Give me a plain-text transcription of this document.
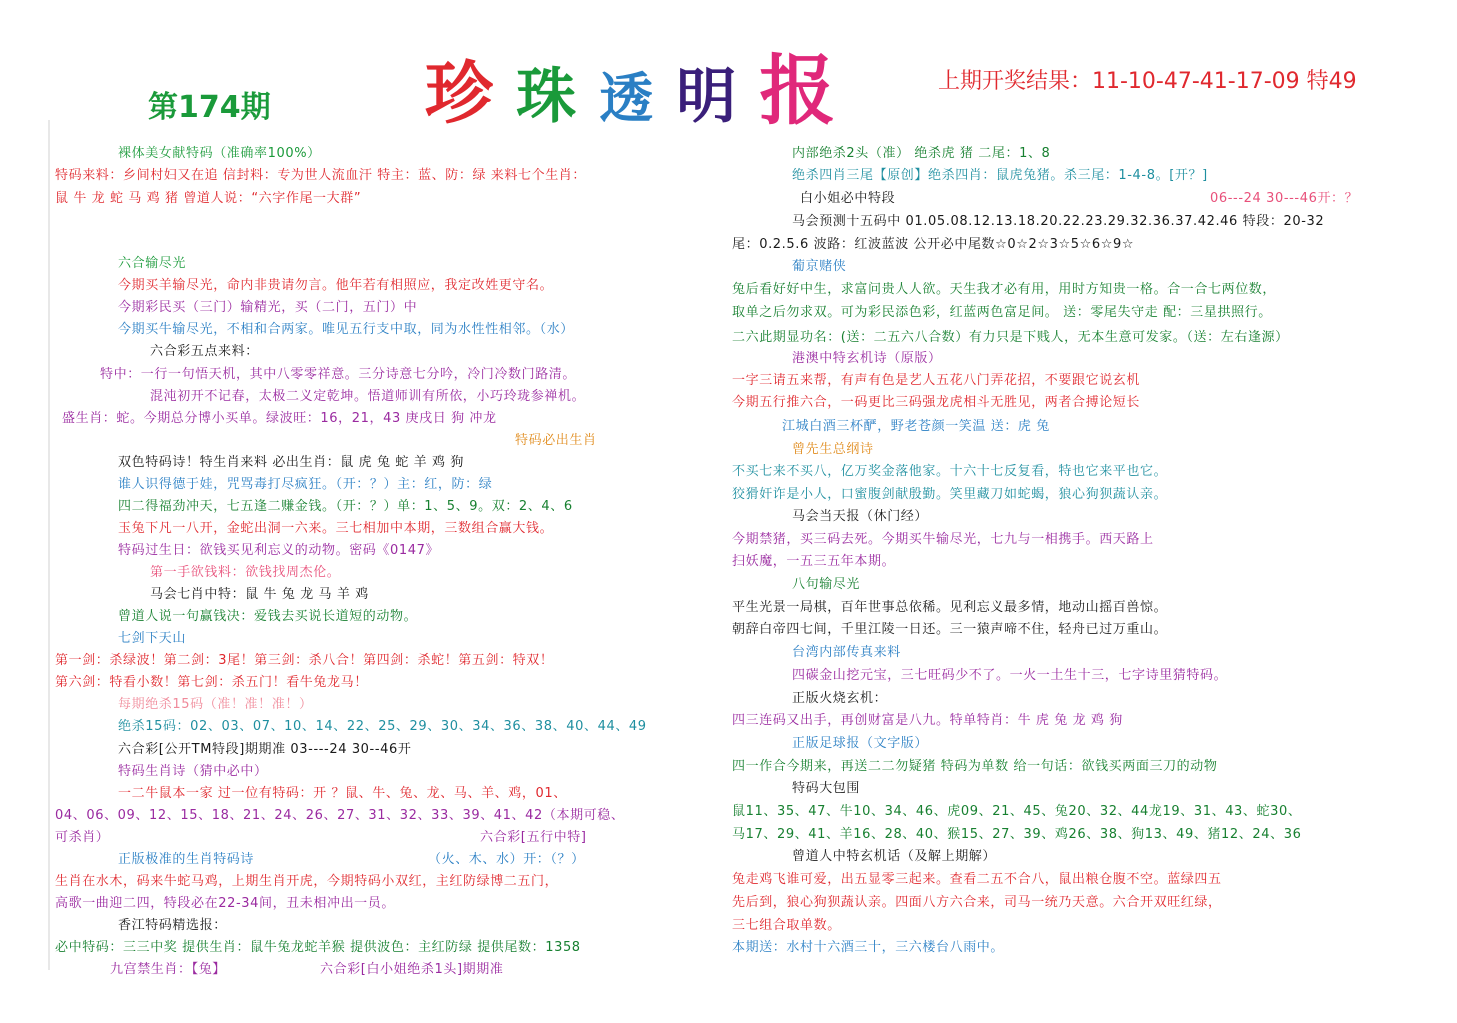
第174期 珍 珠 透 明 报	上期开奖结果：11-10-47-41-17-09 特49
裸体美女献特码（准确率100%）
特码来料：乡间村妇又在追 信封料：专为世人流血汗 特主：蓝、防：绿 来料七个生肖：
鼠 牛 龙 蛇 马 鸡 猪 曾道人说：“六字作尾一大群”
六合输尽光
今期买羊输尽光，命内非贵请勿言。他年若有相照应，我定改姓更守名。
今期彩民买（三门）输精光，买（二门，五门）中
今期买牛输尽光，不相和合两家。唯见五行支中取，同为水性性相邻。（水）
六合彩五点来料：
特中：一行一句悟天机，其中八零零祥意。三分诗意七分吟，冷门冷数门路清。
混沌初开不记春，太极二义定乾坤。悟道师训有所依，小巧玲珑参禅机。
盛生肖：蛇。今期总分博小买单。绿波旺：16，21，43 庚戌日 狗 冲龙
特码必出生肖
双色特码诗！特生肖来料 必出生肖：鼠 虎 兔 蛇 羊 鸡 狗
谁人识得德于娃，咒骂毒打尽疯狂。（开：？）主：红，防：绿
四二得福劲冲天，七五逢二赚金钱。（开：？）单：1、5、9。双：2、4、6
玉兔下凡一八开，金蛇出洞一六来。三七相加中本期，三数组合赢大钱。
特码过生日：欲钱买见利忘义的动物。密码《0147》
第一手欲钱料：欲钱找周杰伦。
马会七肖中特：鼠 牛 兔 龙 马 羊 鸡
曾道人说一句赢钱决：爱钱去买说长道短的动物。
七剑下天山
第一剑：杀绿波！第二剑：3尾！第三剑：杀八合！第四剑：杀蛇！第五剑：特双！
第六剑：特看小数！第七剑：杀五门！看牛兔龙马！
每期绝杀15码（准！准！准！）
绝杀15码：02、03、07、10、14、22、25、29、30、34、36、38、40、44、49
六合彩[公开TM特段]期期准 03----24 30--46开
特码生肖诗（猜中必中）
一二牛鼠本一家 过一位有特码：开 ？鼠、牛、兔、龙、马、羊、鸡，01、
04、06、09、12、15、18、21、24、26、27、31、32、33、39、41、42（本期可稳、
可杀肖）	六合彩[五行中特]
正版极准的生肖特码诗	（火、木、水）开：（？）
生肖在水木，码来牛蛇马鸡，上期生肖开虎，今期特码小双红，主红防绿博二五门，
高歌一曲迎二四，特段必在22-34间，丑未相冲出一员。
香江特码精选报：
必中特码：三三中奖 提供生肖：鼠牛兔龙蛇羊猴 提供波色：主红防绿 提供尾数：1358
九宫禁生肖：【兔】	六合彩[白小姐绝杀1头]期期准
内部绝杀2头（准） 绝杀虎 猪 二尾：1、8
绝杀四肖三尾【原创】绝杀四肖：鼠虎兔猪。杀三尾：1-4-8。[开？]
白小姐必中特段	06---24 30---46开：？
马会预测十五码中 01.05.08.12.13.18.20.22.23.29.32.36.37.42.46 特段：20-32
尾：0.2.5.6 波路：红波蓝波 公开必中尾数☆0☆2☆3☆5☆6☆9☆
葡京赌侠
兔后看好好中生，求富问贵人人欲。天生我才必有用，用时方知贵一格。合一合七两位数，
取单之后勿求双。可为彩民添色彩，红蓝两色富足间。 送：零尾失守走 配：三星拱照行。
二六此期显功名：(送：二五六八合数）有力只是下贱人，无本生意可发家。（送：左右逢源）
港澳中特玄机诗（原版）
一字三请五来帮，有声有色是艺人五花八门弄花招，不要跟它说玄机
今期五行推六合，一码更比三码强龙虎相斗无胜见，两者合搏论短长
江城白酒三杯酽，野老苍颜一笑温 送：虎 兔
曾先生总纲诗
不买七来不买八，亿万奖金落他家。十六十七反复看，特也它来平也它。
狡猾奸诈是小人，口蜜腹剑献殷勤。笑里藏刀如蛇蝎，狼心狗狈蔬认亲。
马会当天报（休门经）
今期禁猪，买三码去死。今期买牛输尽光，七九与一相携手。西天路上
扫妖魔，一五三五年本期。
八句输尽光
平生光景一局棋，百年世事总依稀。见利忘义最多情，地动山摇百兽惊。
朝辞白帝四七间，千里江陵一日还。三一猿声啼不住，轻舟已过万重山。
台湾内部传真来料
四碳金山挖元宝，三七旺码少不了。一火一土生十三，七字诗里猜特码。
正版火烧玄机：
四三连码又出手，再创财富是八九。特单特肖：牛 虎 兔 龙 鸡 狗
正版足球报（文字版）
四一作合今期来，再送二二勿疑猪 特码为单数 给一句话：欲钱买两面三刀的动物
特码大包围
鼠11、35、47、牛10、34、46、虎09、21、45、兔20、32、44龙19、31、43、蛇30、
马17、29、41、羊16、28、40、猴15、27、39、鸡26、38、狗13、49、猪12、24、36
曾道人中特玄机话（及解上期解）
兔走鸡飞谁可爱，出五显零三起来。查看二五不合八，鼠出粮仓腹不空。蓝绿四五
先后到，狼心狗狈蔬认亲。四面八方六合来，司马一统乃天意。六合开双旺红绿，
三七组合取单数。
本期送：水村十六酒三十，三六楼台八雨中。
